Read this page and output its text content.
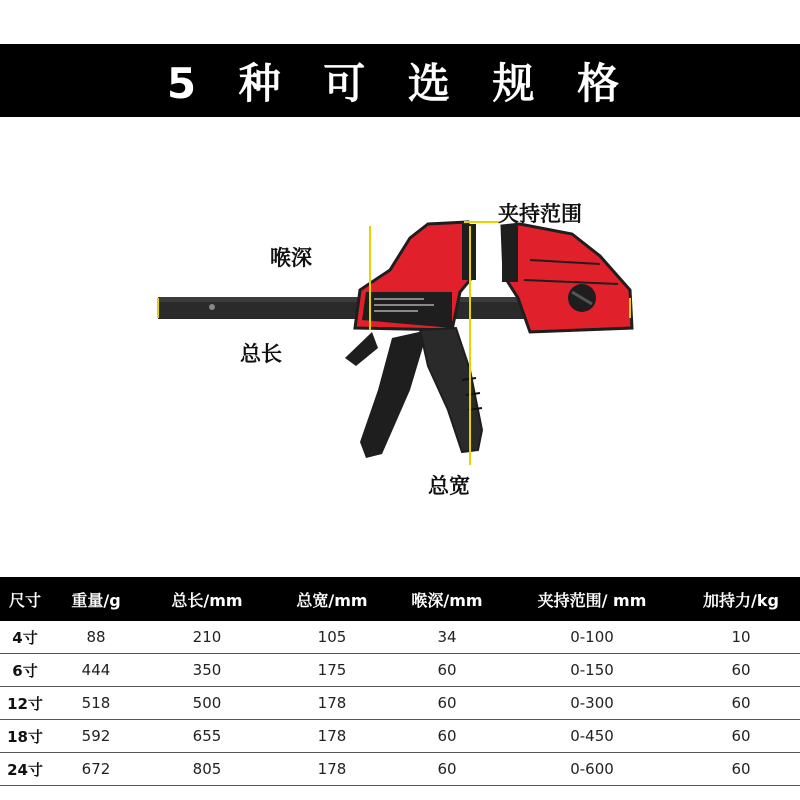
5 种 可 选 规 格
夹持范围
喉深
总长
总宽
尺寸	重量/g	总长/mm	总宽/mm	喉深/mm	夹持范围/ mm	加持力/kg
4寸	88	210	105	34	0-100	10
6寸	444	350	175	60	0-150	60
12寸	518	500	178	60	0-300	60
18寸	592	655	178	60	0-450	60
24寸	672	805	178	60	0-600	60
